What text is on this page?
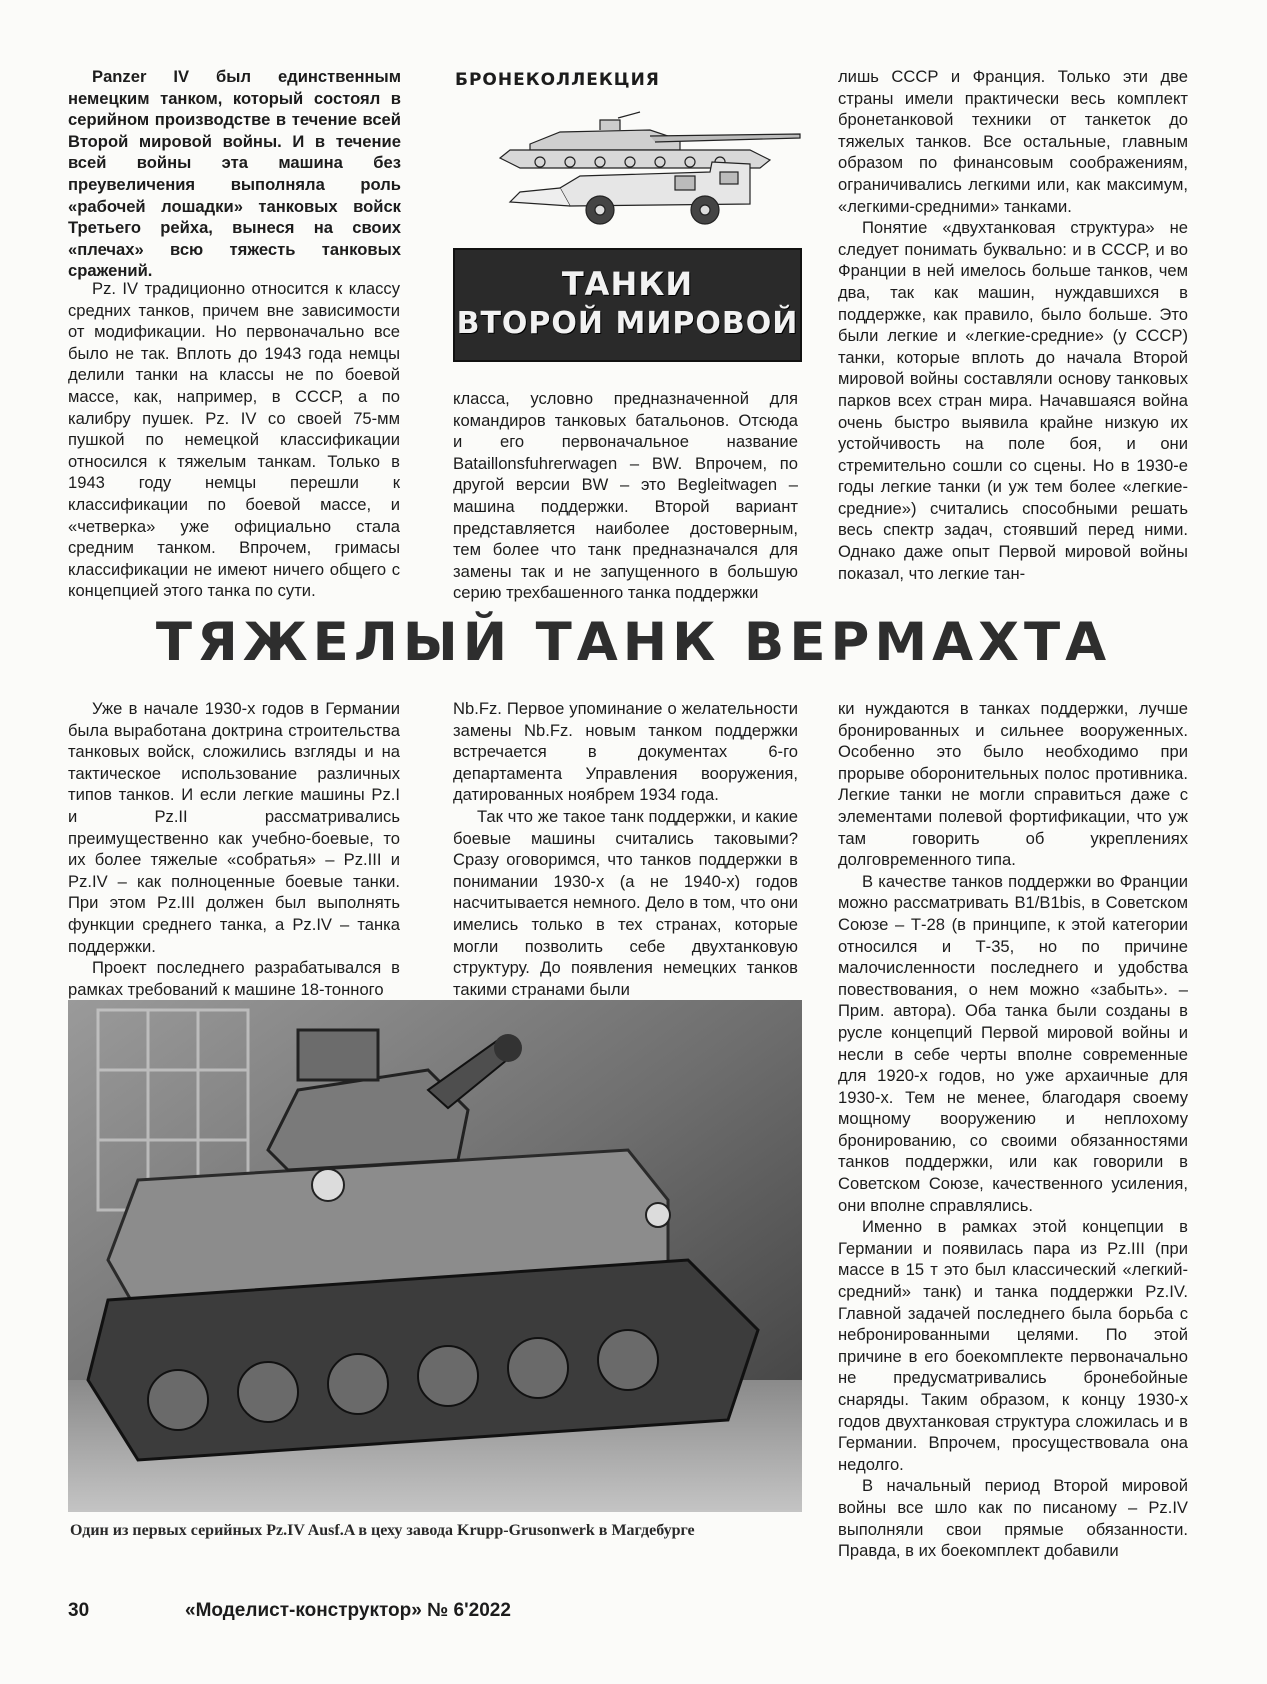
Panzer IV был единственным немецким танком, который состоял в серийном производстве в течение всей Второй мировой войны. И в течение всей войны эта машина без преувеличения выполняла роль «рабочей лошадки» танковых войск Третьего рейха, вынеся на своих «плечах» всю тяжесть танковых сражений.

БРОНЕКОЛЛЕКЦИЯ
ТАНКИ
ВТОРОЙ МИРОВОЙ

Pz. IV традиционно относится к классу средних танков, причем вне зависимости от модификации. Но первоначально все было не так. Вплоть до 1943 года немцы делили танки на классы не по боевой массе, как, например, в СССР, а по калибру пушек. Pz. IV со своей 75-мм пушкой по немецкой классификации относился к тяжелым танкам. Только в 1943 году немцы перешли к классификации по боевой массе, и «четверка» уже официально стала средним танком. Впрочем, гримасы классификации не имеют ничего общего с концепцией этого танка по сути.

класса, условно предназначенной для командиров танковых батальонов. Отсюда и его первоначальное название Bataillonsfuhrerwagen – BW. Впрочем, по другой версии BW – это Begleitwagen – машина поддержки. Второй вариант представляется наиболее достоверным, тем более что танк предназначался для замены так и не запущенного в большую серию трехбашенного танка поддержки

лишь СССР и Франция. Только эти две страны имели практически весь комплект бронетанковой техники от танкеток до тяжелых танков. Все остальные, главным образом по финансовым соображениям, ограничивались легкими или, как максимум, «легкими-средними» танками.

Понятие «двухтанковая структура» не следует понимать буквально: и в СССР, и во Франции в ней имелось больше танков, чем два, так как машин, нуждавшихся в поддержке, как правило, было больше. Это были легкие и «легкие-средние» (у СССР) танки, которые вплоть до начала Второй мировой войны составляли основу танковых парков всех стран мира. Начавшаяся война очень быстро выявила крайне низкую их устойчивость на поле боя, и они стремительно сошли со сцены. Но в 1930-е годы легкие танки (и уж тем более «легкие-средние») считались способными решать весь спектр задач, стоявший перед ними. Однако даже опыт Первой мировой войны показал, что легкие тан-

ТЯЖЕЛЫЙ ТАНК ВЕРМАХТА

Уже в начале 1930-х годов в Германии была выработана доктрина строительства танковых войск, сложились взгляды и на тактическое использование различных типов танков. И если легкие машины Pz.I и Pz.II рассматривались преимущественно как учебно-боевые, то их более тяжелые «собратья» – Pz.III и Pz.IV – как полноценные боевые танки. При этом Pz.III должен был выполнять функции среднего танка, а Pz.IV – танка поддержки.

Проект последнего разрабатывался в рамках требований к машине 18-тонного

Nb.Fz. Первое упоминание о желательности замены Nb.Fz. новым танком поддержки встречается в документах 6-го департамента Управления вооружения, датированных ноябрем 1934 года.

Так что же такое танк поддержки, и какие боевые машины считались таковыми? Сразу оговоримся, что танков поддержки в понимании 1930-х (а не 1940-х) годов насчитывается немного. Дело в том, что они имелись только в тех странах, которые могли позволить себе двухтанковую структуру. До появления немецких танков такими странами были

ки нуждаются в танках поддержки, лучше бронированных и сильнее вооруженных. Особенно это было необходимо при прорыве оборонительных полос противника. Легкие танки не могли справиться даже с элементами полевой фортификации, что уж там говорить об укреплениях долговременного типа.

В качестве танков поддержки во Франции можно рассматривать B1/B1bis, в Советском Союзе – Т-28 (в принципе, к этой категории относился и Т-35, но по причине малочисленности последнего и удобства повествования, о нем можно «забыть». – Прим. автора). Оба танка были созданы в русле концепций Первой мировой войны и несли в себе черты вполне современные для 1920-х годов, но уже архаичные для 1930-х. Тем не менее, благодаря своему мощному вооружению и неплохому бронированию, со своими обязанностями танков поддержки, или как говорили в Советском Союзе, качественного усиления, они вполне справлялись.

Именно в рамках этой концепции в Германии и появилась пара из Pz.III (при массе в 15 т это был классический «легкий-средний» танк) и танка поддержки Pz.IV. Главной задачей последнего была борьба с небронированными целями. По этой причине в его боекомплекте первоначально не предусматривались бронебойные снаряды. Таким образом, к концу 1930-х годов двухтанковая структура сложилась и в Германии. Впрочем, просуществовала она недолго.

В начальный период Второй мировой войны все шло как по писаному – Pz.IV выполняли свои прямые обязанности. Правда, в их боекомплект добавили

Один из первых серийных Pz.IV Ausf.A в цеху завода Krupp-Grusonwerk в Магдебурге
30	«Моделист-конструктор» № 6'2022
